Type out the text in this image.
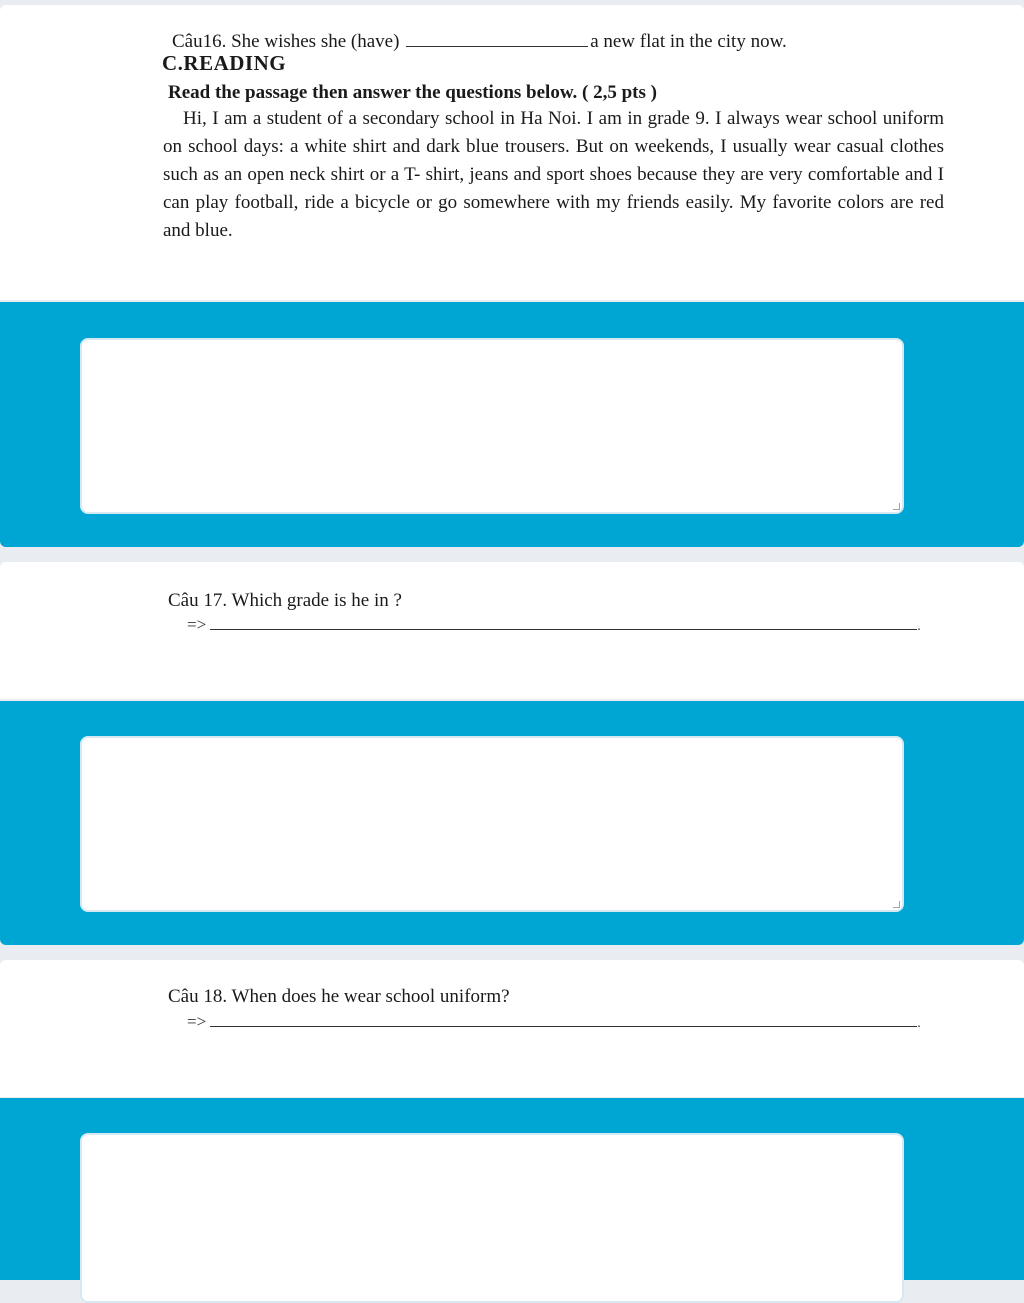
Câu16. She wishes she (have)	a new flat in the city now.
C.READING
Read the passage then answer the questions below. ( 2,5 pts )
Hi, I am a student of a secondary school in Ha Noi. I am in grade 9. I always wear school uniform on school days: a white shirt and dark blue trousers. But on weekends, I usually wear casual clothes such as an open neck shirt or a T- shirt, jeans and sport shoes because they are very comfortable and I can play football, ride a bicycle or go somewhere with my friends easily. My favorite colors are red and blue.
Câu 17. Which grade is he in ?
=>	.
Câu 18. When does he wear school uniform?
=>	.
